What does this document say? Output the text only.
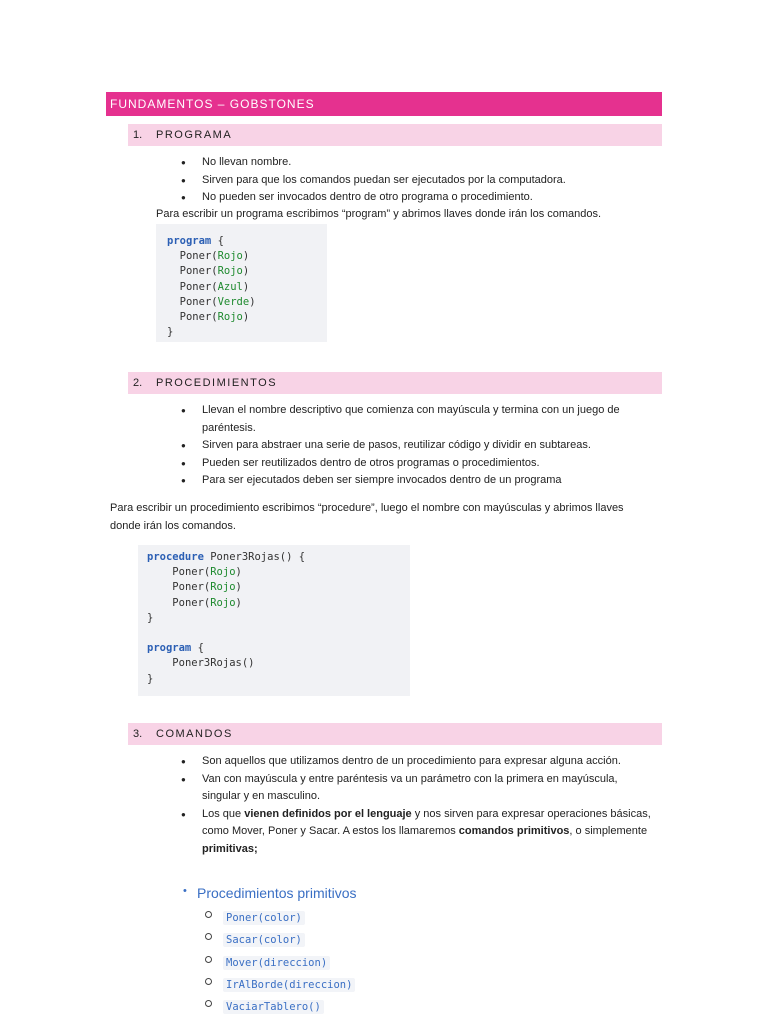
FUNDAMENTOS – GOBSTONES
1. PROGRAMA
● No llevan nombre.
● Sirven para que los comandos puedan ser ejecutados por la computadora.
● No pueden ser invocados dentro de otro programa o procedimiento.

Para escribir un programa escribimos “program” y abrimos llaves donde irán los comandos.

program {
Poner(Rojo)
Poner(Rojo)
Poner(Azul)
Poner(Verde)
Poner(Rojo)
}
2. PROCEDIMIENTOS
● Llevan el nombre descriptivo que comienza con mayúscula y termina con un juego de paréntesis.
● Sirven para abstraer una serie de pasos, reutilizar código y dividir en subtareas.
● Pueden ser reutilizados dentro de otros programas o procedimientos.
● Para ser ejecutados deben ser siempre invocados dentro de un programa

Para escribir un procedimiento escribimos “procedure”, luego el nombre con mayúsculas y abrimos llaves donde irán los comandos.

procedure Poner3Rojas() {
Poner(Rojo)
Poner(Rojo)
Poner(Rojo)
}

program {
Poner3Rojas()
}
3. COMANDOS
● Son aquellos que utilizamos dentro de un procedimiento para expresar alguna acción.
● Van con mayúscula y entre paréntesis va un parámetro con la primera en mayúscula, singular y en masculino.
● Los que vienen definidos por el lenguaje y nos sirven para expresar operaciones básicas, como Mover, Poner y Sacar. A estos los llamaremos comandos primitivos, o simplemente primitivas;
• Procedimientos primitivos
Poner(color)
Sacar(color)
Mover(direccion)
IrAlBorde(direccion)
VaciarTablero()
